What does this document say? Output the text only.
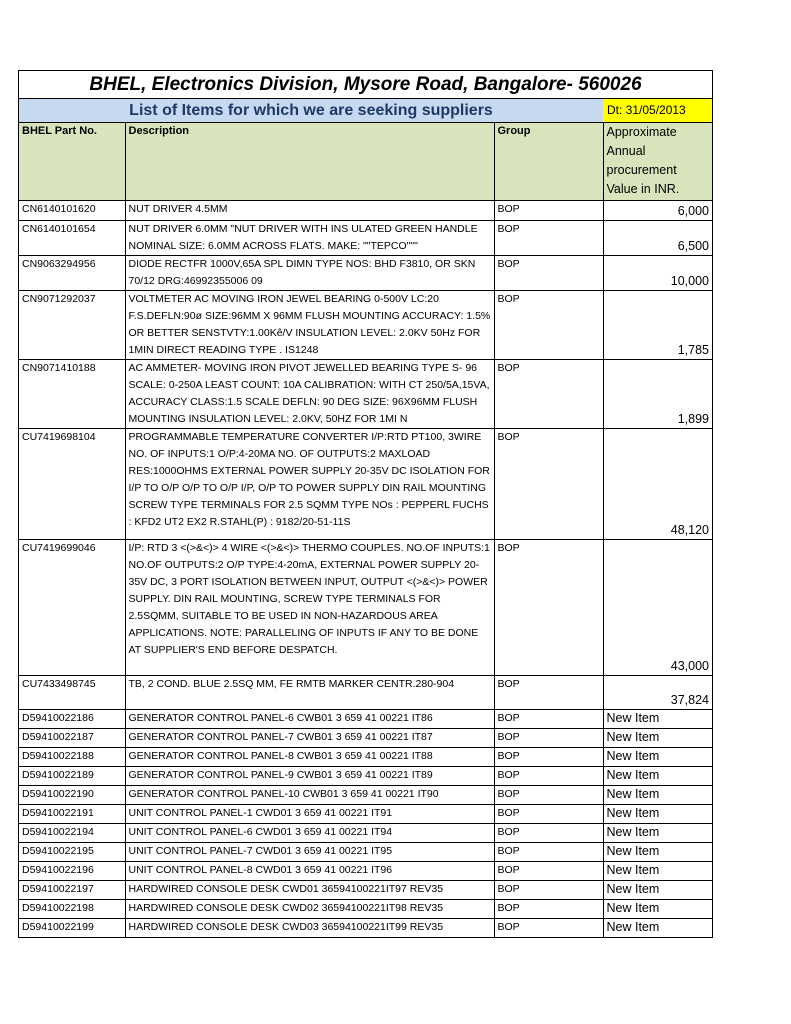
BHEL, Electronics Division, Mysore Road, Bangalore- 560026
List of Items for which we are seeking suppliers	Dt: 31/05/2013
BHEL Part No.	Description	Group	Approximate Annual procurement Value in INR.
CN6140101620	NUT DRIVER 4.5MM	BOP	6,000
CN6140101654	NUT DRIVER 6.0MM "NUT DRIVER WITH INS ULATED GREEN HANDLE NOMINAL SIZE: 6.0MM ACROSS FLATS. MAKE: ""TEPCO"""	BOP	6,500
CN9063294956	DIODE RECTFR 1000V,65A SPL DIMN TYPE NOS: BHD F3810, OR SKN 70/12 DRG:46992355006 09	BOP	10,000
CN9071292037	VOLTMETER AC MOVING IRON JEWEL BEARING 0-500V LC:20 F.S.DEFLN:90ø SIZE:96MM X 96MM FLUSH MOUNTING ACCURACY: 1.5% OR BETTER SENSTVTY:1.00Kê/V INSULATION LEVEL: 2.0KV 50Hz FOR 1MIN DIRECT READING TYPE . IS1248	BOP	1,785
CN9071410188	AC AMMETER- MOVING IRON PIVOT JEWELLED BEARING TYPE S- 96 SCALE: 0-250A LEAST COUNT: 10A CALIBRATION: WITH CT 250/5A,15VA, ACCURACY CLASS:1.5 SCALE DEFLN: 90 DEG SIZE: 96X96MM FLUSH MOUNTING INSULATION LEVEL: 2.0KV, 50HZ FOR 1MI N	BOP	1,899
CU7419698104	PROGRAMMABLE TEMPERATURE CONVERTER I/P:RTD PT100, 3WIRE NO. OF INPUTS:1 O/P:4-20MA NO. OF OUTPUTS:2 MAXLOAD RES:1000OHMS EXTERNAL POWER SUPPLY 20-35V DC ISOLATION FOR I/P TO O/P O/P TO O/P I/P, O/P TO POWER SUPPLY DIN RAIL MOUNTING SCREW TYPE TERMINALS FOR 2.5 SQMM TYPE NOs : PEPPERL FUCHS : KFD2 UT2 EX2 R.STAHL(P) : 9182/20-51-11S	BOP	48,120
CU7419699046	I/P: RTD 3 <(>&<)> 4 WIRE <(>&<)> THERMO COUPLES. NO.OF INPUTS:1 NO.OF OUTPUTS:2 O/P TYPE:4-20mA, EXTERNAL POWER SUPPLY 20-35V DC, 3 PORT ISOLATION BETWEEN INPUT, OUTPUT <(>&<)> POWER SUPPLY. DIN RAIL MOUNTING, SCREW TYPE TERMINALS FOR 2.5SQMM, SUITABLE TO BE USED IN NON-HAZARDOUS AREA APPLICATIONS. NOTE: PARALLELING OF INPUTS IF ANY TO BE DONE AT SUPPLIER'S END BEFORE DESPATCH.	BOP	43,000
CU7433498745	TB, 2 COND. BLUE 2.5SQ MM, FE RMTB MARKER CENTR.280-904	BOP	37,824
D59410022186	GENERATOR CONTROL PANEL-6 CWB01 3 659 41 00221 IT86	BOP	New Item
D59410022187	GENERATOR CONTROL PANEL-7 CWB01 3 659 41 00221 IT87	BOP	New Item
D59410022188	GENERATOR CONTROL PANEL-8 CWB01 3 659 41 00221 IT88	BOP	New Item
D59410022189	GENERATOR CONTROL PANEL-9 CWB01 3 659 41 00221 IT89	BOP	New Item
D59410022190	GENERATOR CONTROL PANEL-10 CWB01 3 659 41 00221 IT90	BOP	New Item
D59410022191	UNIT CONTROL PANEL-1 CWD01 3 659 41 00221 IT91	BOP	New Item
D59410022194	UNIT CONTROL PANEL-6 CWD01 3 659 41 00221 IT94	BOP	New Item
D59410022195	UNIT CONTROL PANEL-7 CWD01 3 659 41 00221 IT95	BOP	New Item
D59410022196	UNIT CONTROL PANEL-8 CWD01 3 659 41 00221 IT96	BOP	New Item
D59410022197	HARDWIRED CONSOLE DESK CWD01 36594100221IT97 REV35	BOP	New Item
D59410022198	HARDWIRED CONSOLE DESK CWD02 36594100221IT98 REV35	BOP	New Item
D59410022199	HARDWIRED CONSOLE DESK CWD03 36594100221IT99 REV35	BOP	New Item
